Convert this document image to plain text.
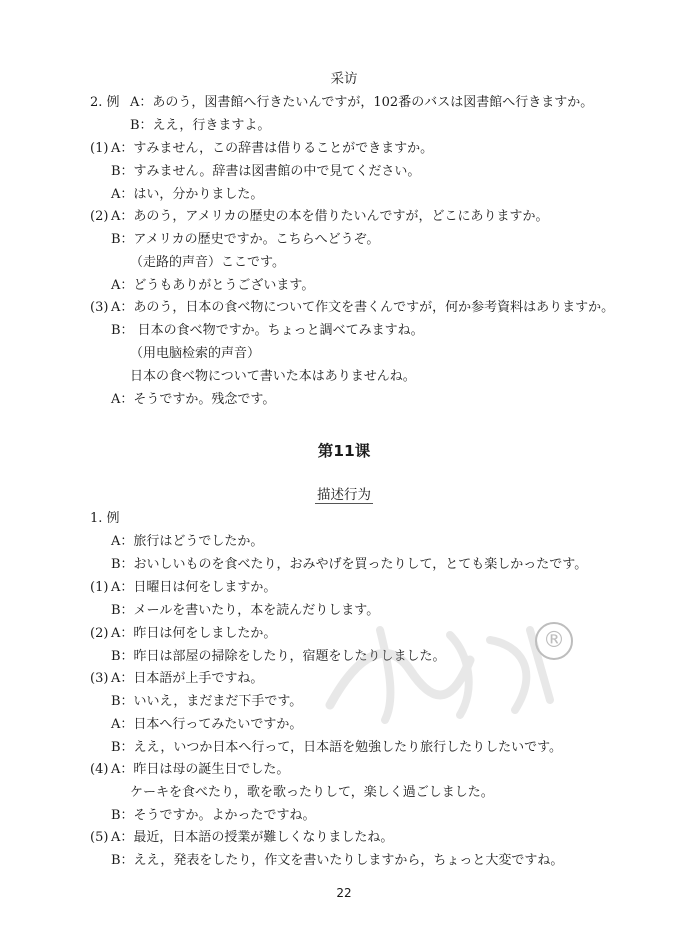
采访
2. 例 A：あのう，図書館へ行きたいんですが，102番のバスは図書館へ行きますか。
B：ええ，行きますよ。
(1) A：すみません，この辞書は借りることができますか。
B：すみません。辞書は図書館の中で見てください。
A：はい，分かりました。
(2) A：あのう，アメリカの歴史の本を借りたいんですが，どこにありますか。
B：アメリカの歴史ですか。こちらへどうぞ。
（走路的声音）ここです。
A：どうもありがとうございます。
(3) A：あのう，日本の食べ物について作文を書くんですが，何か参考資料はありますか。
B： 日本の食べ物ですか。ちょっと調べてみますね。
（用电脑检索的声音）
日本の食べ物について書いた本はありませんね。
A：そうですか。残念です。
第11课
描述行为
1. 例
A：旅行はどうでしたか。
B：おいしいものを食べたり，おみやげを買ったりして，とても楽しかったです。
(1) A：日曜日は何をしますか。
B：メールを書いたり，本を読んだりします。
(2) A：昨日は何をしましたか。
B：昨日は部屋の掃除をしたり，宿題をしたりしました。
(3) A：日本語が上手ですね。
B：いいえ，まだまだ下手です。
A：日本へ行ってみたいですか。
B：ええ，いつか日本へ行って，日本語を勉強したり旅行したりしたいです。
(4) A：昨日は母の誕生日でした。
ケーキを食べたり，歌を歌ったりして，楽しく過ごしました。
B：そうですか。よかったですね。
(5) A：最近，日本語の授業が難しくなりましたね。
B：ええ，発表をしたり，作文を書いたりしますから，ちょっと大変ですね。
22
®
